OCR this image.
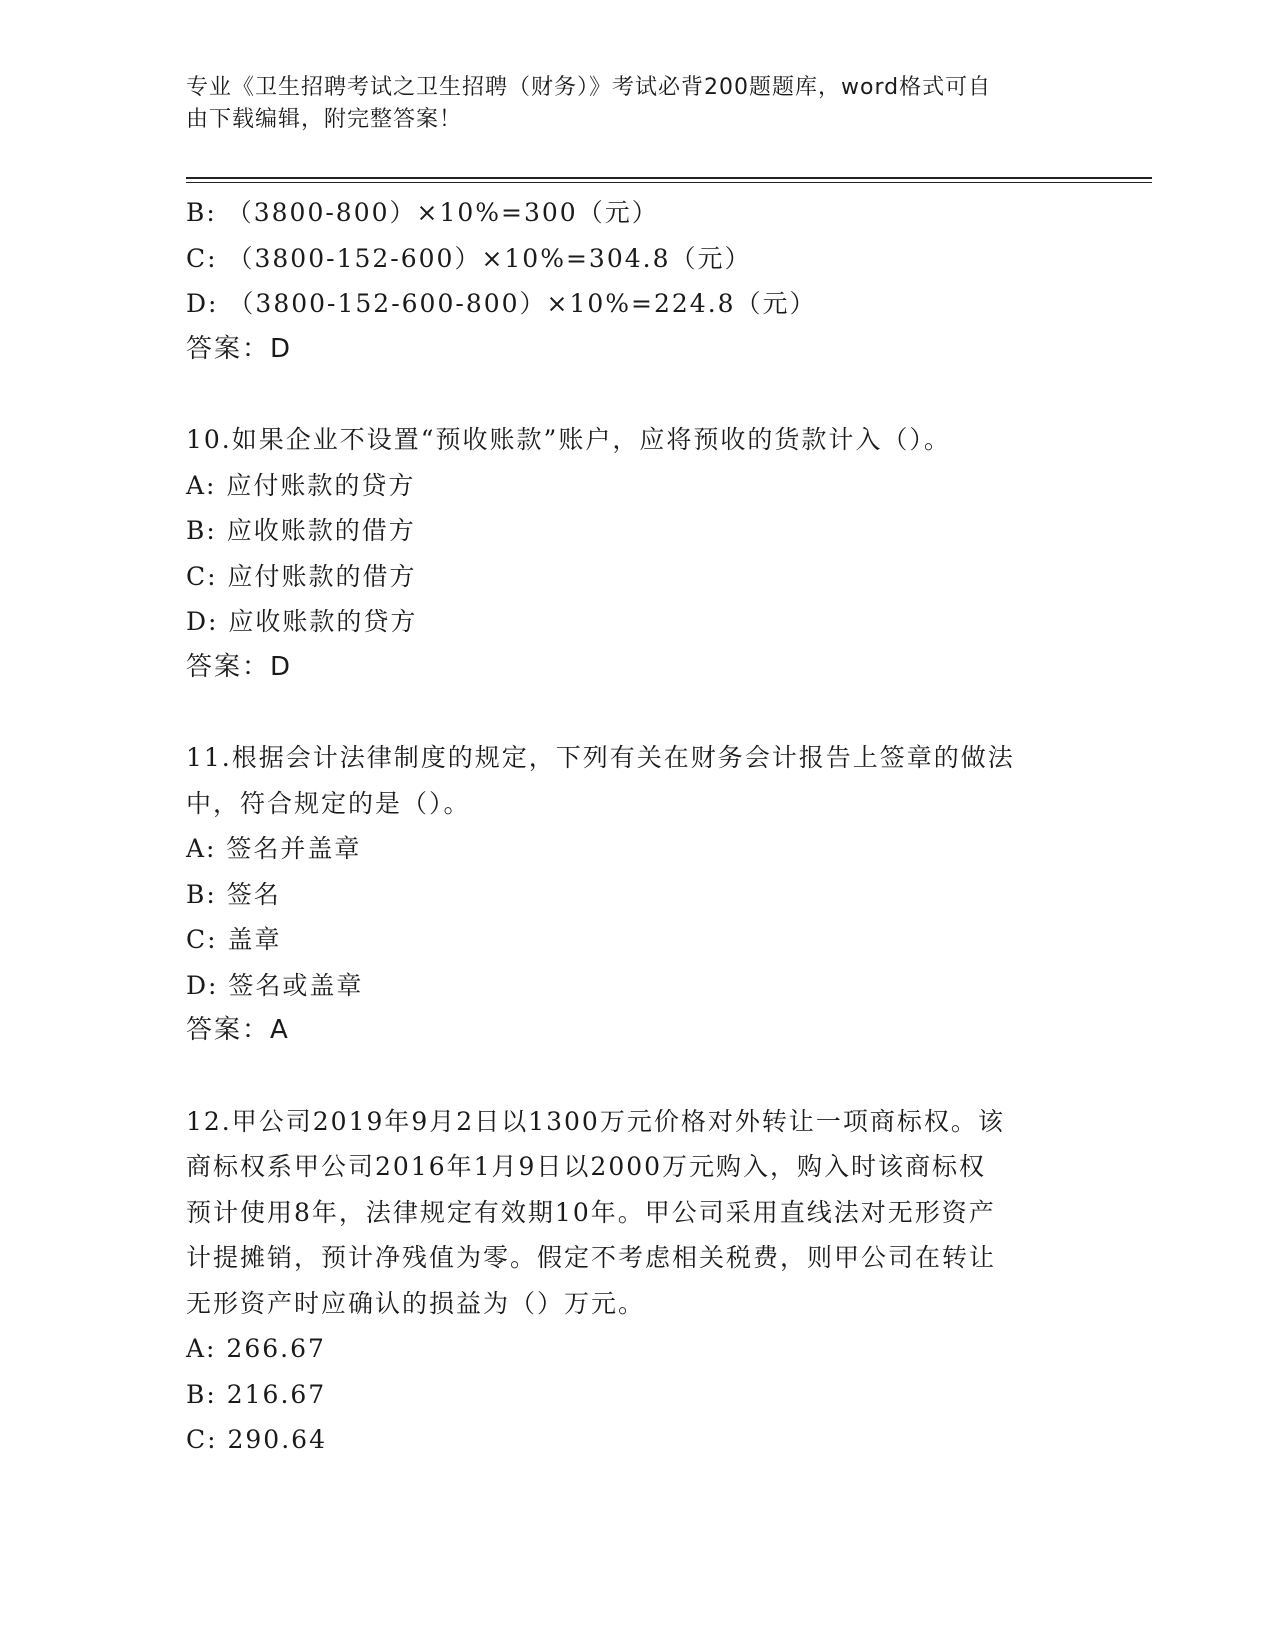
专业《卫生招聘考试之卫生招聘（财务）》考试必背200题题库，word格式可自
由下载编辑，附完整答案！
B: （3800-800）×10%=300（元）
C: （3800-152-600）×10%=304.8（元）
D: （3800-152-600-800）×10%=224.8（元）
答案：D
10.如果企业不设置“预收账款”账户，应将预收的货款计入（）。
A: 应付账款的贷方
B: 应收账款的借方
C: 应付账款的借方
D: 应收账款的贷方
答案：D
11.根据会计法律制度的规定，下列有关在财务会计报告上签章的做法
中，符合规定的是（）。
A: 签名并盖章
B: 签名
C: 盖章
D: 签名或盖章
答案：A
12.甲公司2019年9月2日以1300万元价格对外转让一项商标权。该
商标权系甲公司2016年1月9日以2000万元购入，购入时该商标权
预计使用8年，法律规定有效期10年。甲公司采用直线法对无形资产
计提摊销，预计净残值为零。假定不考虑相关税费，则甲公司在转让
无形资产时应确认的损益为（）万元。
A: 266.67
B: 216.67
C: 290.64
